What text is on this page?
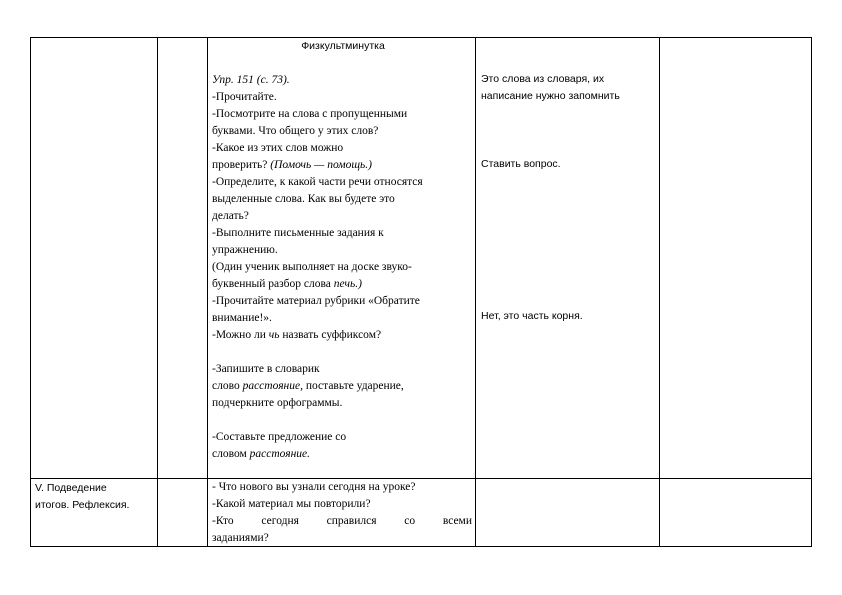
Физкультминутка

Упр. 151 (с. 73).

-Прочитайте.

-Посмотрите на слова с пропущенными

буквами. Что общего у этих слов?

-Какое из этих слов можно

проверить? (Помочь — помощь.)

-Определите, к какой части речи относятся

выделенные слова. Как вы будете это

делать?

-Выполните письменные задания к

упражнению.

(Один ученик выполняет на доске звуко-

буквенный разбор слова печь.)

-Прочитайте материал рубрики «Обратите

внимание!».

-Можно ли чь назвать суффиксом?

-Запишите в словарик

слово расстояние, поставьте ударение,

подчеркните орфограммы.

-Составьте предложение со

словом расстояние.

Это слова из словаря, их

написание нужно запомнить

Ставить вопрос.

Нет, это часть корня.

V. Подведение

итогов. Рефлексия.

- Что нового вы узнали сегодня на уроке?

-Какой материал мы повторили?

-Кто сегодня справился со всеми

заданиями?
